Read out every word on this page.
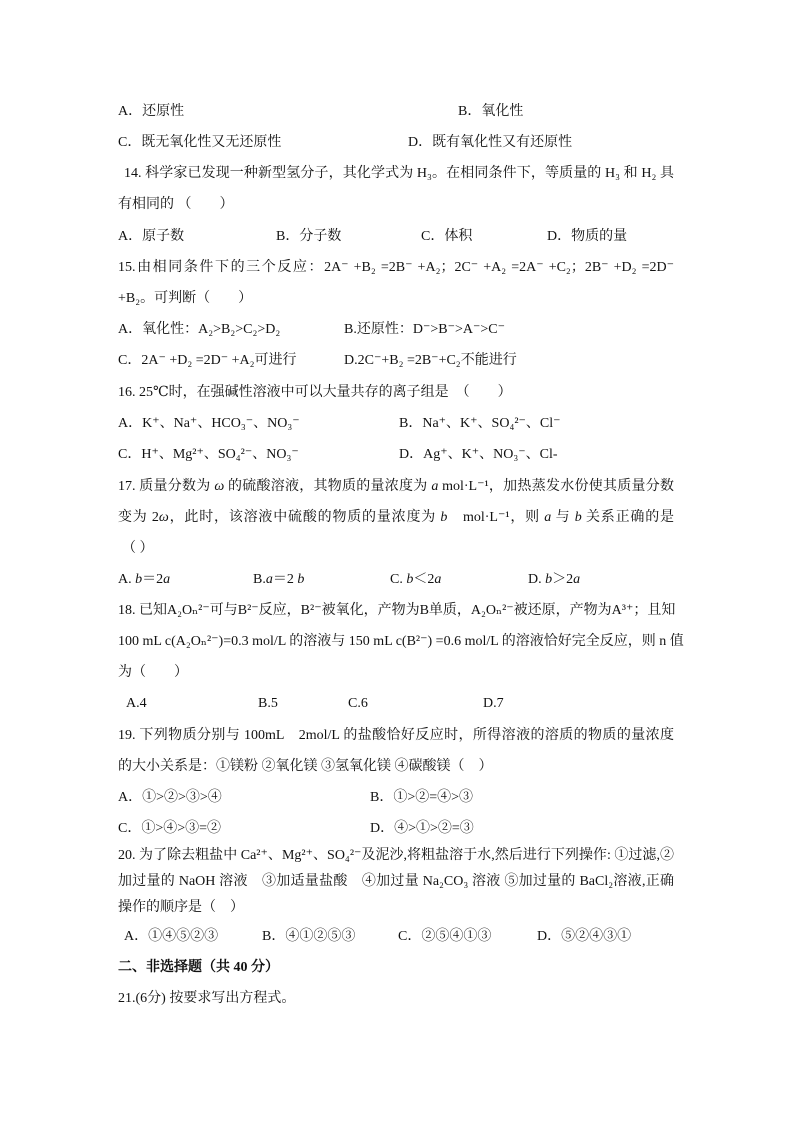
A．还原性	B．氧化性
C．既无氧化性又无还原性	D．既有氧化性又有还原性
14. 科学家已发现一种新型氢分子，其化学式为 H₃。在相同条件下，等质量的 H₃ 和 H₂ 具
有相同的 （　　）
A．原子数	B．分子数	C．体积	D．物质的量
15.由相同条件下的三个反应：2A⁻ +B₂ =2B⁻ +A₂；2C⁻ +A₂ =2A⁻ +C₂；2B⁻ +D₂ =2D⁻
+B₂。可判断（　　）
A．氧化性：A₂>B₂>C₂>D₂	B.还原性：D⁻>B⁻>A⁻>C⁻
C．2A⁻ +D₂ =2D⁻ +A₂可进行	D.2C⁻+B₂ =2B⁻+C₂不能进行
16. 25℃时，在强碱性溶液中可以大量共存的离子组是　（　　）
A．K⁺、Na⁺、HCO₃⁻、NO₃⁻	B．Na⁺、K⁺、SO₄²⁻、Cl⁻
C．H⁺、Mg²⁺、SO₄²⁻、NO₃⁻	D．Ag⁺、K⁺、NO₃⁻、Cl-
17. 质量分数为 ω 的硫酸溶液，其物质的量浓度为 a mol·L⁻¹，加热蒸发水份使其质量分数
变为 2ω，此时，该溶液中硫酸的物质的量浓度为 b　mol·L⁻¹，则 a 与 b 关系正确的是
（ ）
A. b＝2a	B.a＝2 b	C. b＜2a	D. b＞2a
18. 已知A₂Oₙ²⁻可与B²⁻反应，B²⁻被氧化，产物为B单质，A₂Oₙ²⁻被还原，产物为A³⁺；且知
100 mL c(A₂Oₙ²⁻)=0.3 mol/L 的溶液与 150 mL c(B²⁻) =0.6 mol/L 的溶液恰好完全反应，则 n 值
为（　　）
A.4	B.5	C.6	D.7
19. 下列物质分别与 100mL　2mol/L 的盐酸恰好反应时，所得溶液的溶质的物质的量浓度
的大小关系是：①镁粉 ②氧化镁 ③氢氧化镁 ④碳酸镁（　）
A．①>②>③>④	B．①>②=④>③
C．①>④>③=②	D．④>①>②=③
20. 为了除去粗盐中 Ca²⁺、Mg²⁺、SO₄²⁻及泥沙,将粗盐溶于水,然后进行下列操作: ①过滤,②
加过量的 NaOH 溶液　③加适量盐酸　④加过量 Na₂CO₃ 溶液 ⑤加过量的 BaCl₂溶液,正确
操作的顺序是（　）
A．①④⑤②③	B．④①②⑤③	C．②⑤④①③	D．⑤②④③①
二、非选择题（共 40 分）
21.(6分) 按要求写出方程式。
